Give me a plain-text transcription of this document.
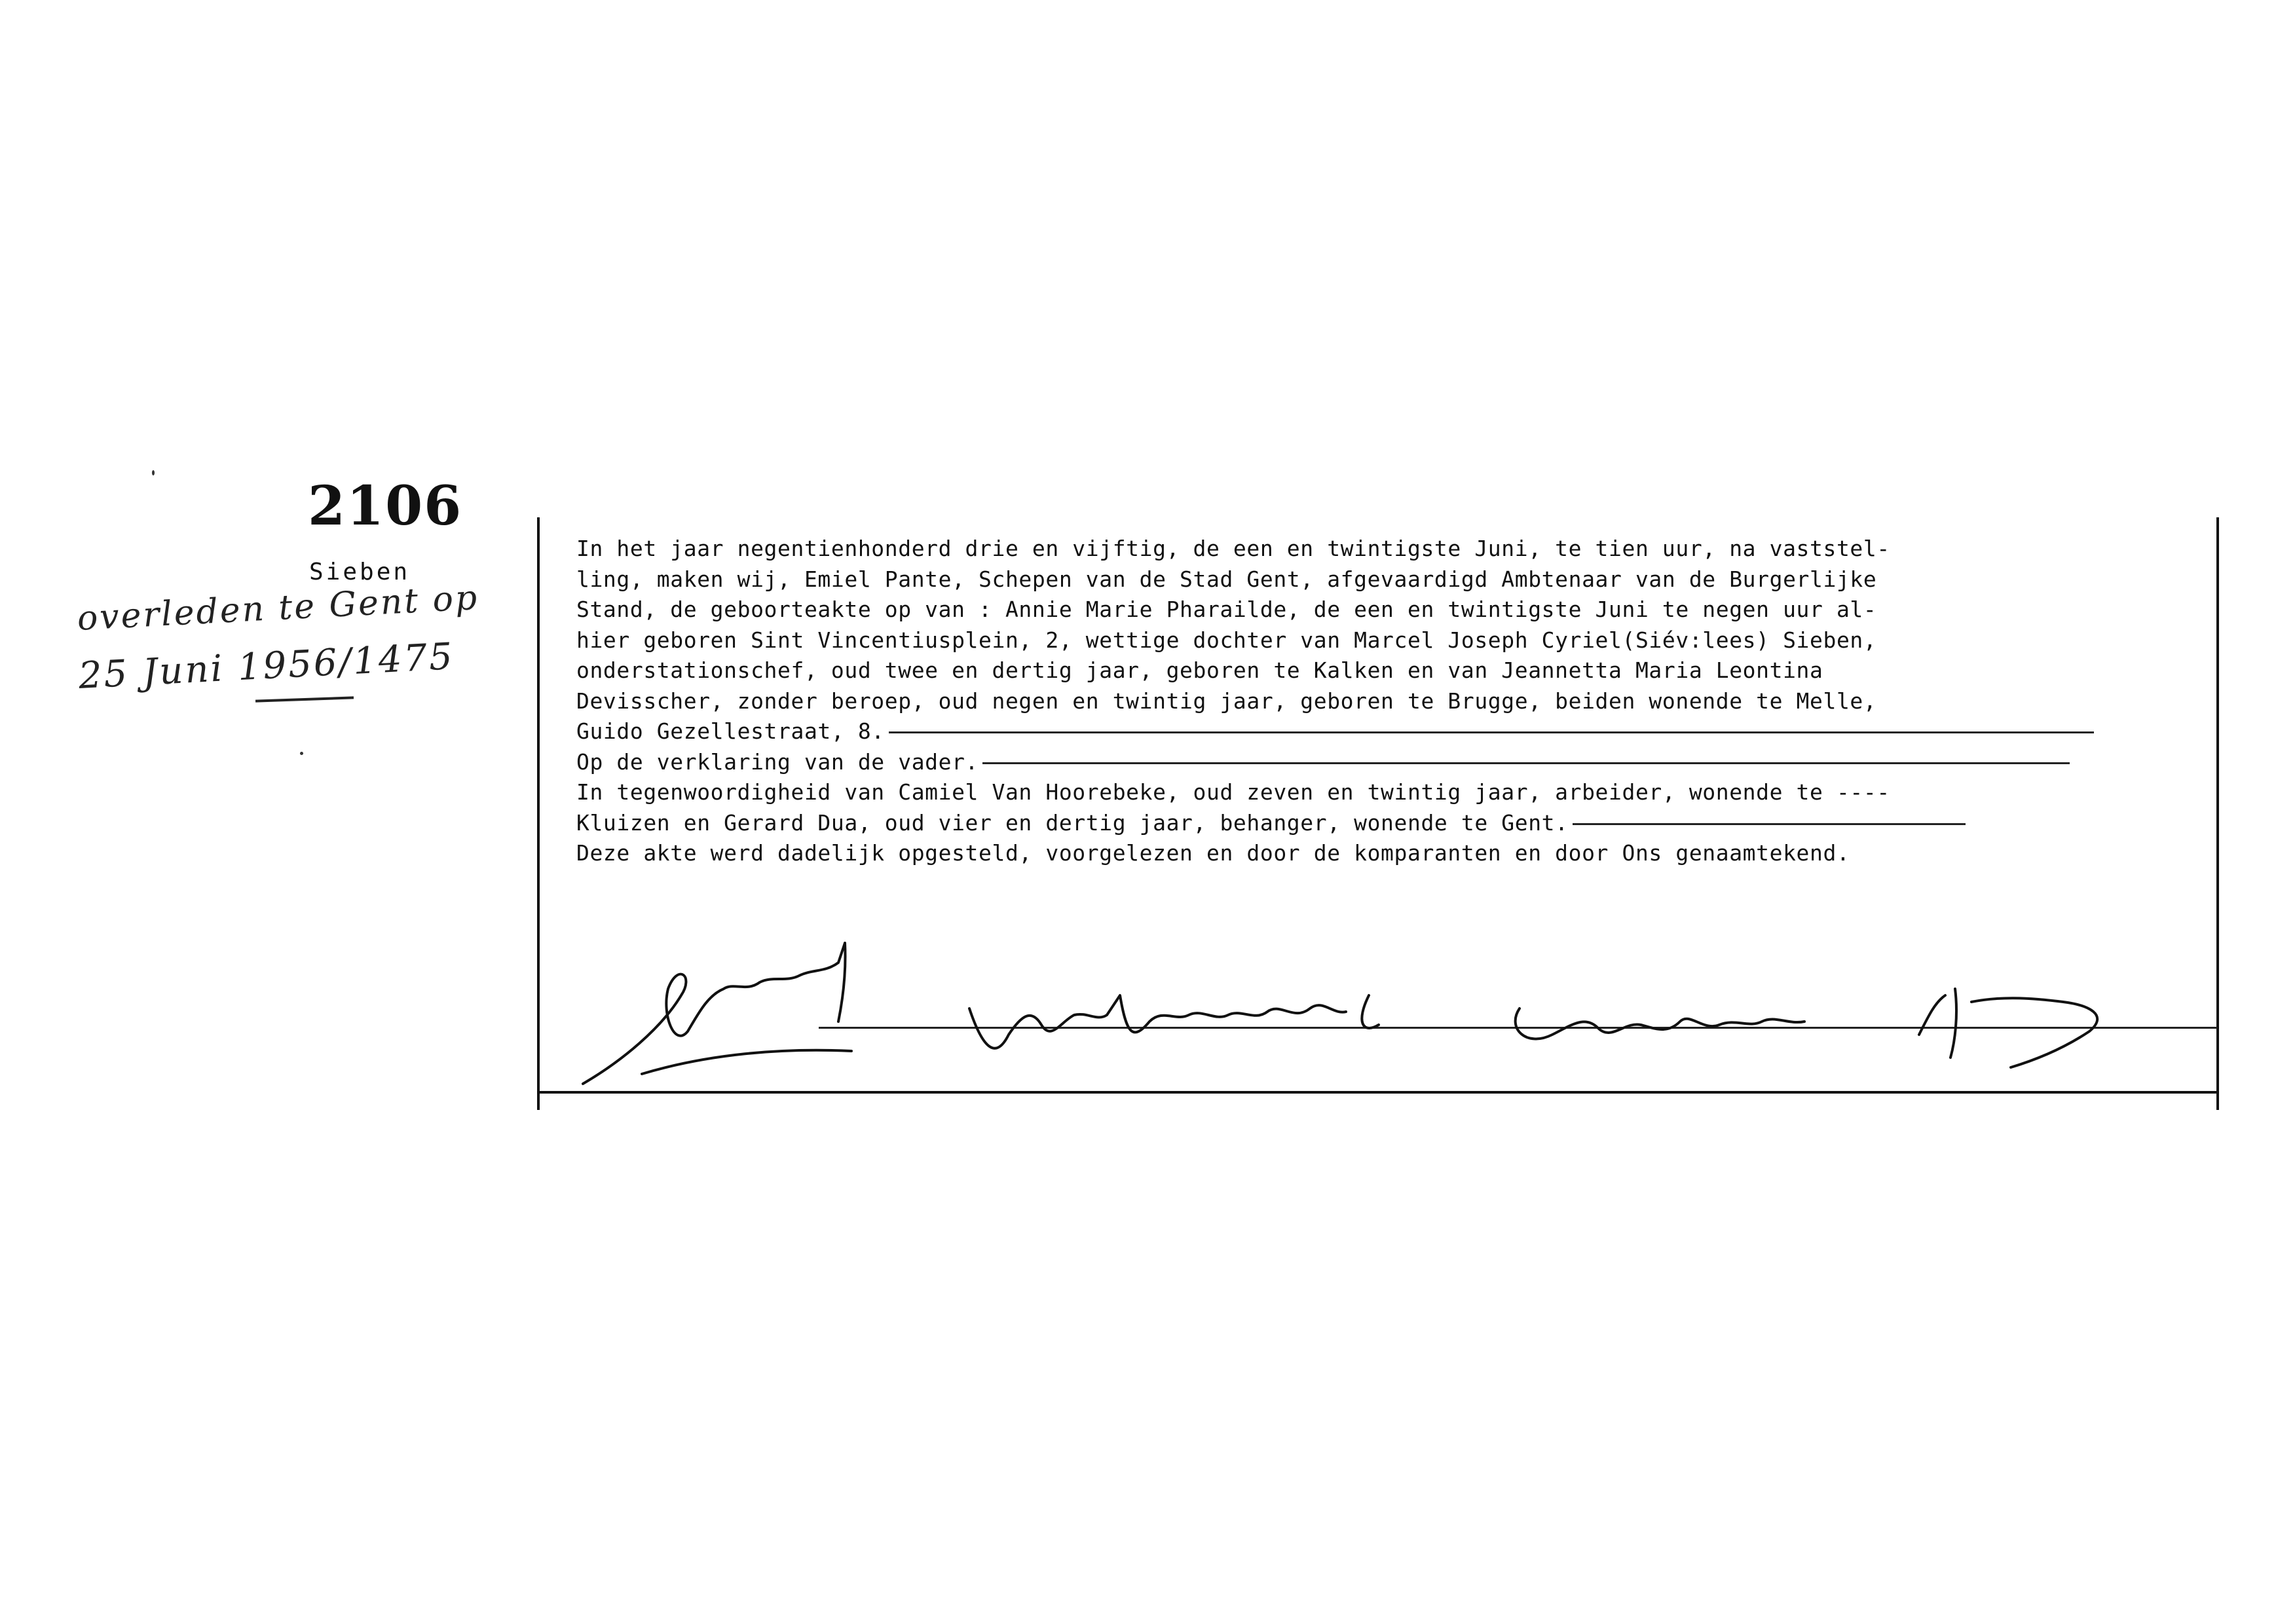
2106
Sieben
overleden te Gent op
25 Juni 1956/1475
In het jaar negentienhonderd drie en vijftig, de een en twintigste Juni, te tien uur, na vaststel-
ling, maken wij, Emiel Pante, Schepen van de Stad Gent, afgevaardigd Ambtenaar van de Burgerlijke
Stand, de geboorteakte op van : Annie Marie Pharailde, de een en twintigste Juni te negen uur al-
hier geboren Sint Vincentiusplein, 2, wettige dochter van Marcel Joseph Cyriel(Siév:lees) Sieben,
onderstationschef, oud twee en dertig jaar, geboren te Kalken en van Jeannetta Maria Leontina
Devisscher, zonder beroep, oud negen en twintig jaar, geboren te Brugge, beiden wonende te Melle,
Guido Gezellestraat, 8.
Op de verklaring van de vader.
In tegenwoordigheid van Camiel Van Hoorebeke, oud zeven en twintig jaar, arbeider, wonende te ----
Kluizen en Gerard Dua, oud vier en dertig jaar, behanger, wonende te Gent.
Deze akte werd dadelijk opgesteld, voorgelezen en door de komparanten en door Ons genaamtekend.
